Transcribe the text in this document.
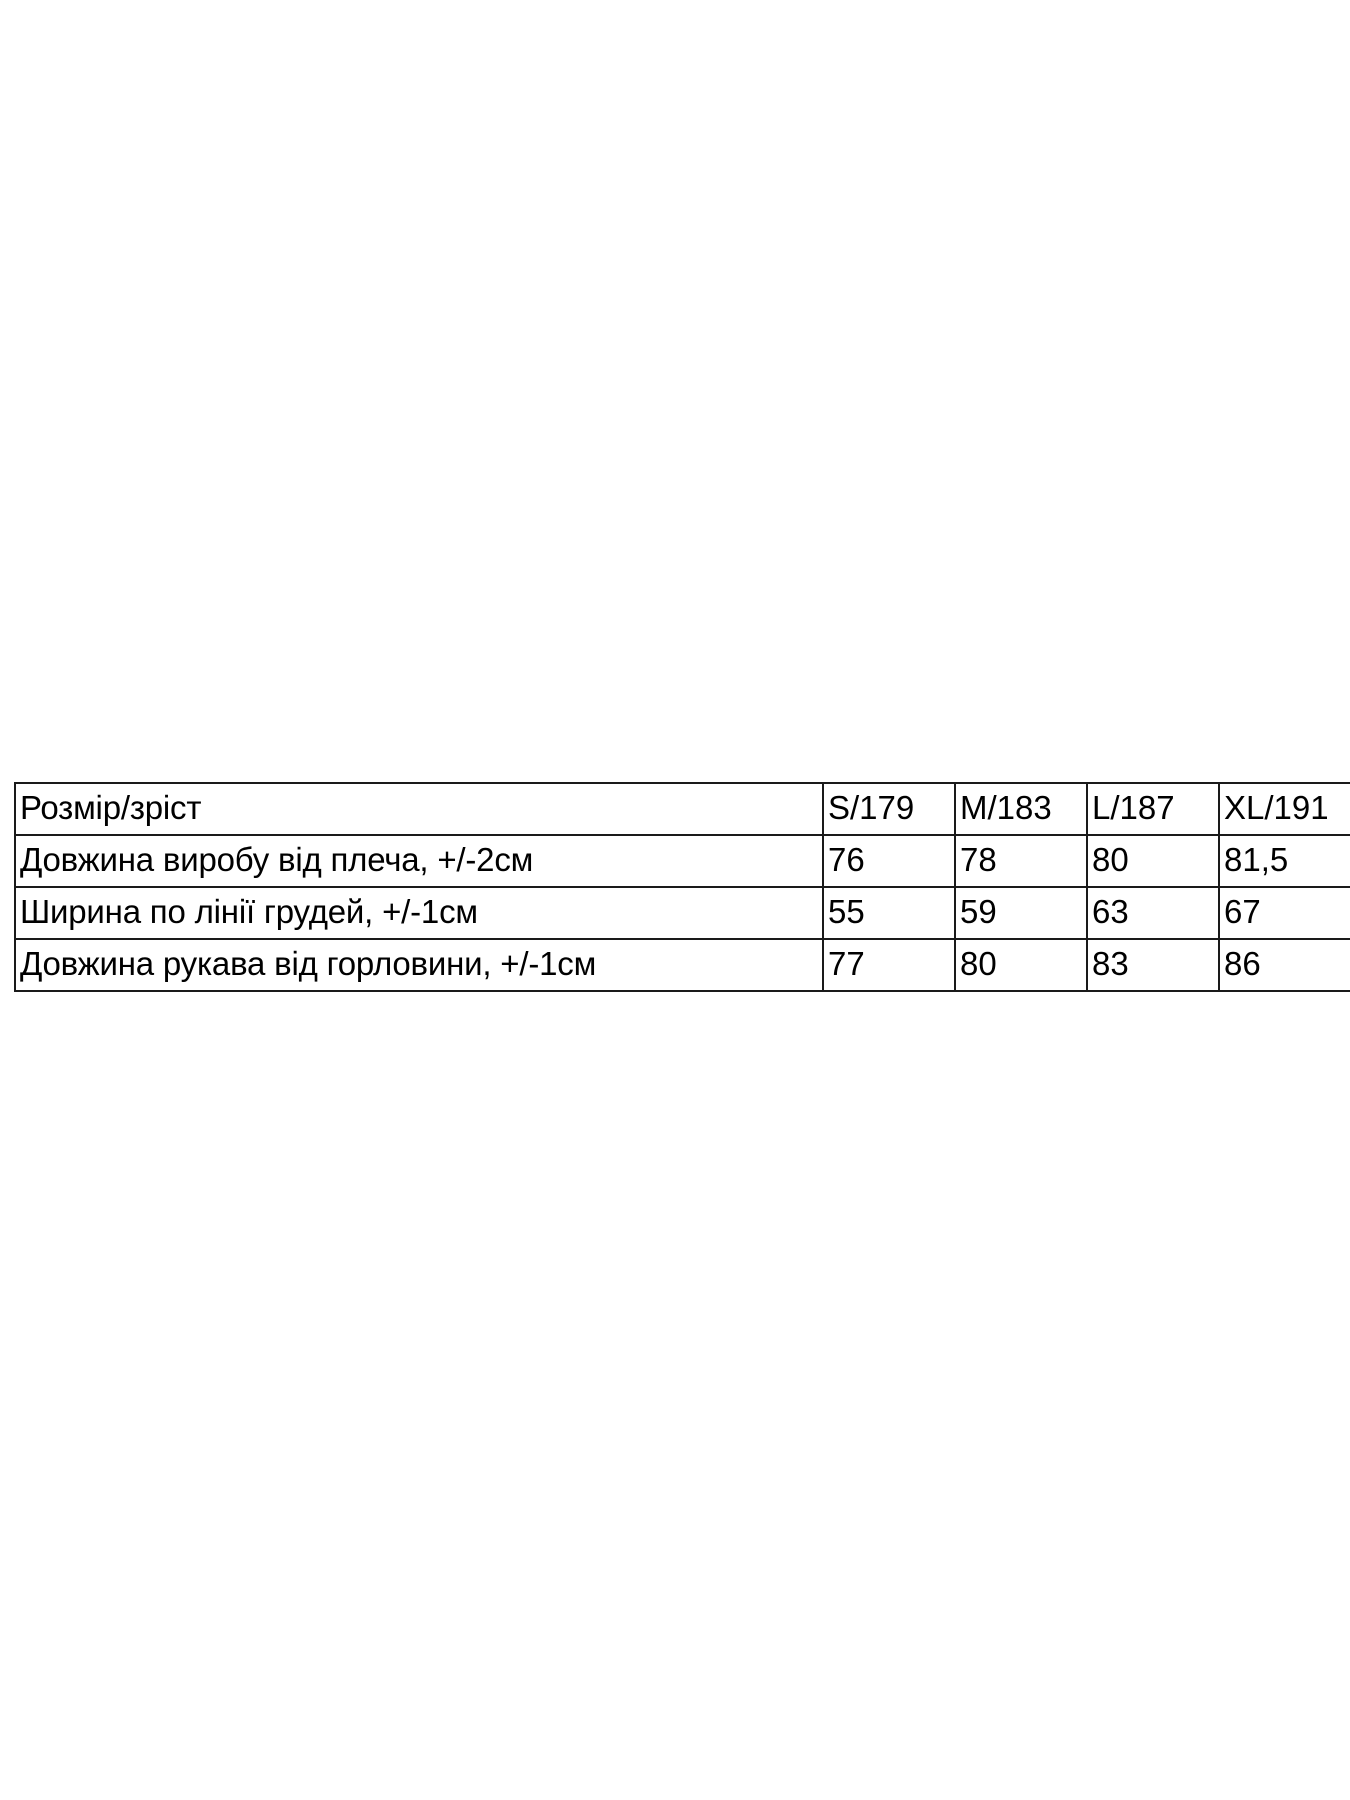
Розмір/зріст	S/179	M/183	L/187	XL/191
Довжина виробу від плеча, +/-2см	76	78	80	81,5
Ширина по лінії грудей, +/-1см	55	59	63	67
Довжина рукава від горловини, +/-1см	77	80	83	86
